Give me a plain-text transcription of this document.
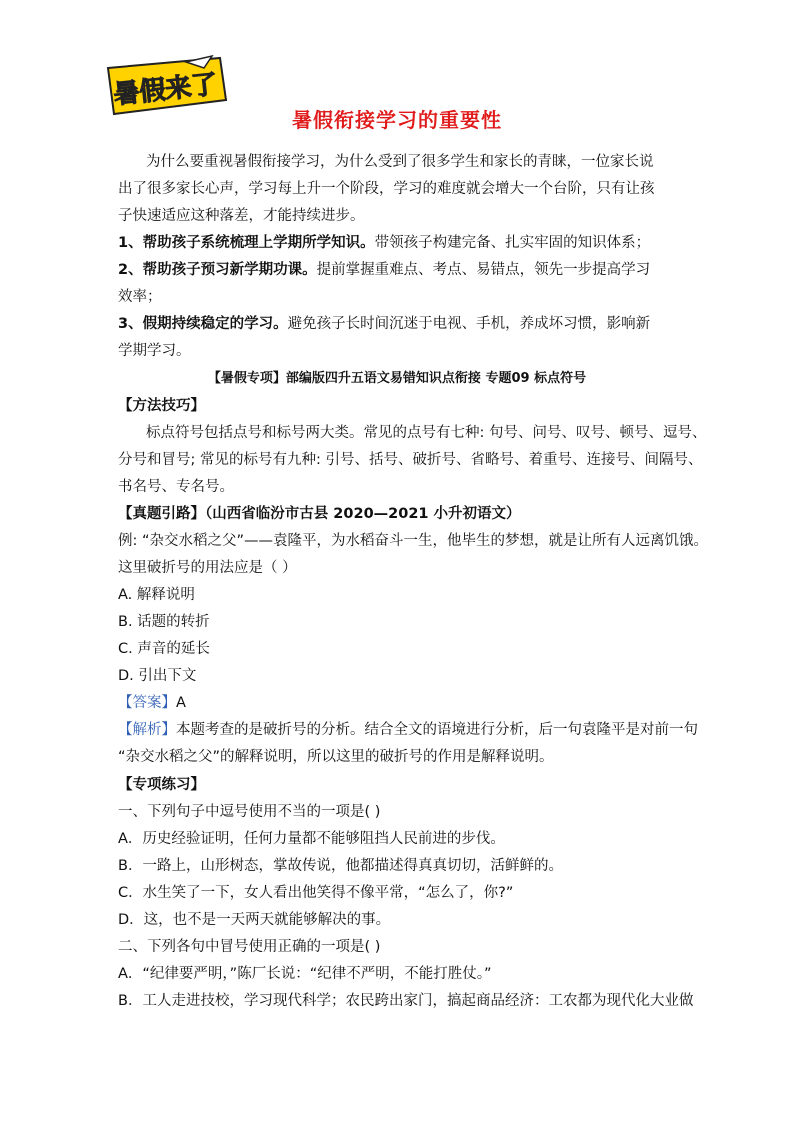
暑假来了
暑假衔接学习的重要性
为什么要重视暑假衔接学习，为什么受到了很多学生和家长的青睐，一位家长说
出了很多家长心声，学习每上升一个阶段，学习的难度就会增大一个台阶，只有让孩
子快速适应这种落差，才能持续进步。
1、帮助孩子系统梳理上学期所学知识。带领孩子构建完备、扎实牢固的知识体系；
2、帮助孩子预习新学期功课。提前掌握重难点、考点、易错点，领先一步提高学习
效率；
3、假期持续稳定的学习。避免孩子长时间沉迷于电视、手机，养成坏习惯，影响新
学期学习。
【暑假专项】部编版四升五语文易错知识点衔接 专题09 标点符号
【方法技巧】
标点符号包括点号和标号两大类。常见的点号有七种: 句号、问号、叹号、顿号、逗号、
分号和冒号; 常见的标号有九种: 引号、括号、破折号、省略号、着重号、连接号、间隔号、
书名号、专名号。
【真题引路】（山西省临汾市古县 2020—2021 小升初语文）
例: “杂交水稻之父”——袁隆平，为水稻奋斗一生，他毕生的梦想，就是让所有人远离饥饿。
这里破折号的用法应是（ ）
A. 解释说明
B. 话题的转折
C. 声音的延长
D. 引出下文
【答案】A
【解析】本题考查的是破折号的分析。结合全文的语境进行分析，后一句袁隆平是对前一句
“杂交水稻之父”的解释说明，所以这里的破折号的作用是解释说明。
【专项练习】
一、下列句子中逗号使用不当的一项是( )
A．历史经验证明，任何力量都不能够阻挡人民前进的步伐。
B．一路上，山形树态，掌故传说，他都描述得真真切切，活鲜鲜的。
C．水生笑了一下，女人看出他笑得不像平常，“怎么了，你?”
D．这，也不是一天两天就能够解决的事。
二、下列各句中冒号使用正确的一项是( )
A．“纪律要严明，”陈厂长说：“纪律不严明，不能打胜仗。”
B．工人走进技校，学习现代科学；农民跨出家门，搞起商品经济：工农都为现代化大业做
